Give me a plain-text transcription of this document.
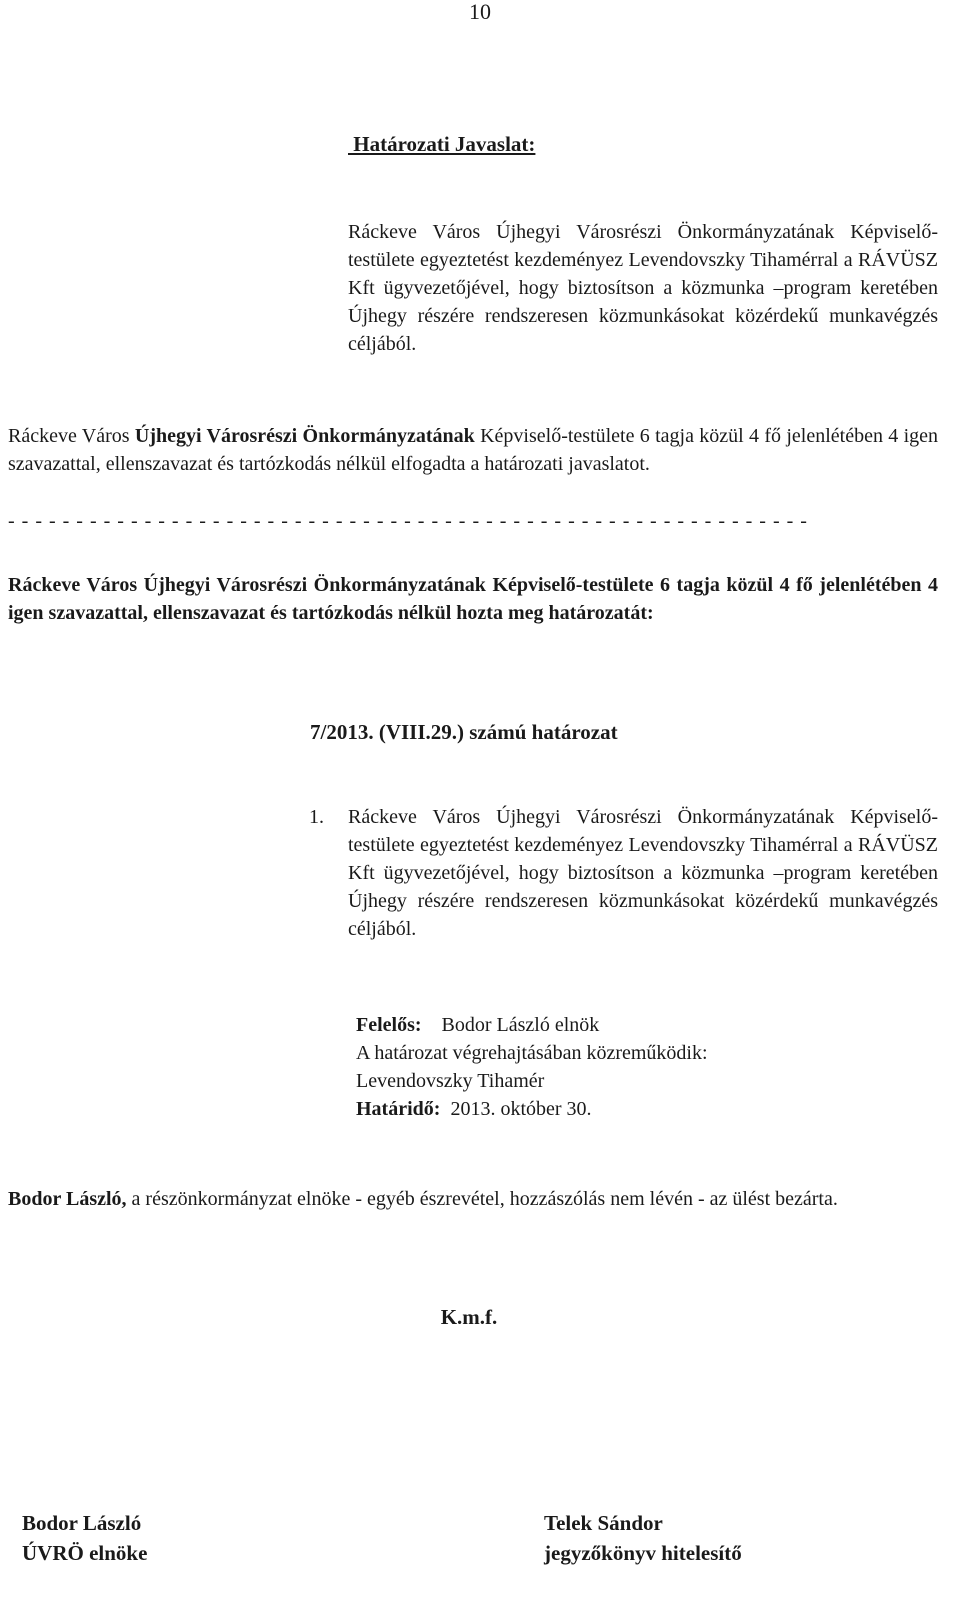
10
Határozati Javaslat:
Ráckeve Város Újhegyi Városrészi Önkormányzatának Képviselő-testülete egyeztetést kezdeményez Levendovszky Tihamérral a RÁVÜSZ Kft ügyvezetőjével, hogy biztosítson a közmunka –program keretében Újhegy részére rendszeresen közmunkásokat közérdekű munkavégzés céljából.
Ráckeve Város Újhegyi Városrészi Önkormányzatának Képviselő-testülete 6 tagja közül 4 fő jelenlétében 4 igen szavazattal, ellenszavazat és tartózkodás nélkül elfogadta a határozati javaslatot.
- - - - - - - - - - - - - - - - - - - - - - - - - - - - - - - - - - - - - - - - - - - - - - - - - - - - - - - - - - -
Ráckeve Város Újhegyi Városrészi Önkormányzatának Képviselő-testülete 6 tagja közül 4 fő jelenlétében 4 igen szavazattal, ellenszavazat és tartózkodás nélkül hozta meg határozatát:
7/2013. (VIII.29.) számú határozat
1. Ráckeve Város Újhegyi Városrészi Önkormányzatának Képviselő-testülete egyeztetést kezdeményez Levendovszky Tihamérral a RÁVÜSZ Kft ügyvezetőjével, hogy biztosítson a közmunka –program keretében Újhegy részére rendszeresen közmunkásokat közérdekű munkavégzés céljából.
Felelős: Bodor László elnök
A határozat végrehajtásában közreműködik:
Levendovszky Tihamér
Határidő: 2013. október 30.
Bodor László, a részönkormányzat elnöke - egyéb észrevétel, hozzászólás nem lévén - az ülést bezárta.
K.m.f.
Bodor László
ÚVRÖ elnöke
Telek Sándor
jegyzőkönyv hitelesítő
